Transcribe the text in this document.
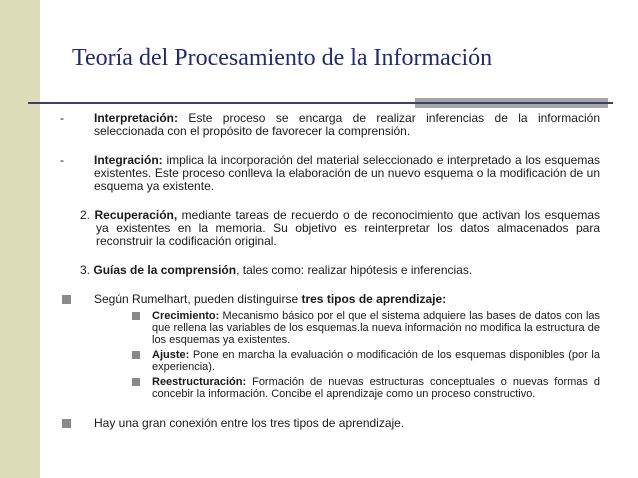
Teoría del Procesamiento de la Información
-	Interpretación: Este proceso se encarga de realizar inferencias de la información seleccionada con el propósito de favorecer la comprensión.
-	Integración: implica la incorporación del material seleccionado e interpretado a los esquemas existentes. Este proceso conlleva la elaboración de un nuevo esquema o la modificación de un esquema ya existente.
2. Recuperación, mediante tareas de recuerdo o de reconocimiento que activan los esquemas ya existentes en la memoria. Su objetivo es reinterpretar los datos almacenados para reconstruir la codificación original.
3. Guías de la comprensión, tales como: realizar hipótesis e inferencias.
Según Rumelhart, pueden distinguirse tres tipos de aprendizaje:
Crecimiento: Mecanismo básico por el que el sistema adquiere las bases de datos con las que rellena las variables de los esquemas.la nueva información no modifica la estructura de los esquemas ya existentes.
Ajuste: Pone en marcha la evaluación o modificación de los esquemas disponibles (por la experiencia).
Reestructuración: Formación de nuevas estructuras conceptuales o nuevas formas d concebir la información. Concibe el aprendizaje como un proceso constructivo.
Hay una gran conexión entre los tres tipos de aprendizaje.
